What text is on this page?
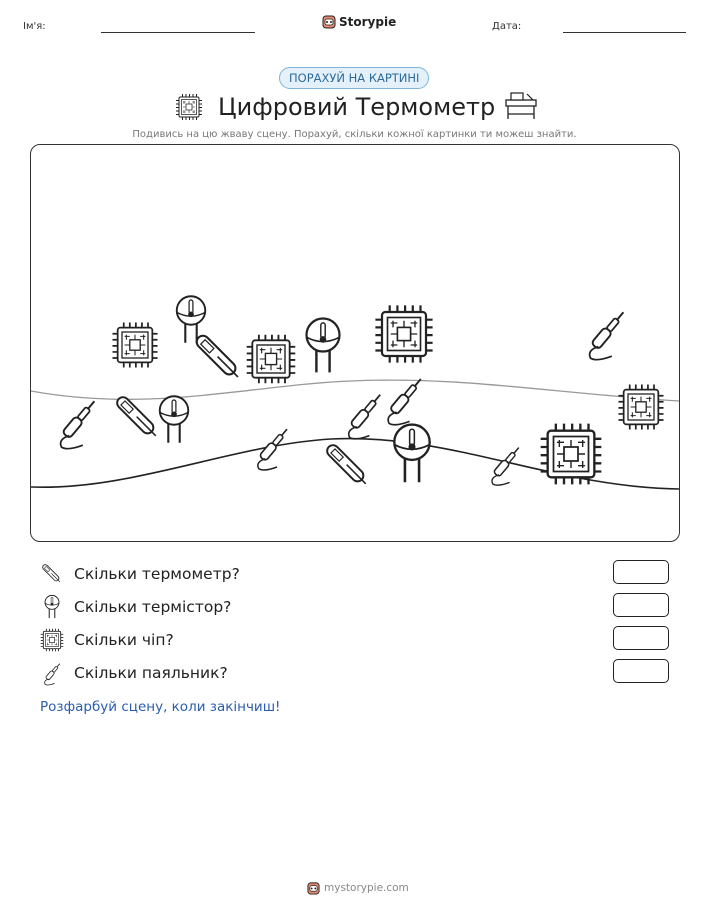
Ім'я:	Storypie	Дата:
ПОРАХУЙ НА КАРТИНІ
Цифровий Термометр
Подивись на цю жваву сцену. Порахуй, скільки кожної картинки ти можеш знайти.
Скільки термометр?
Скільки термістор?
Скільки чіп?
Скільки паяльник?
Розфарбуй сцену, коли закінчиш!
mystorypie.com
